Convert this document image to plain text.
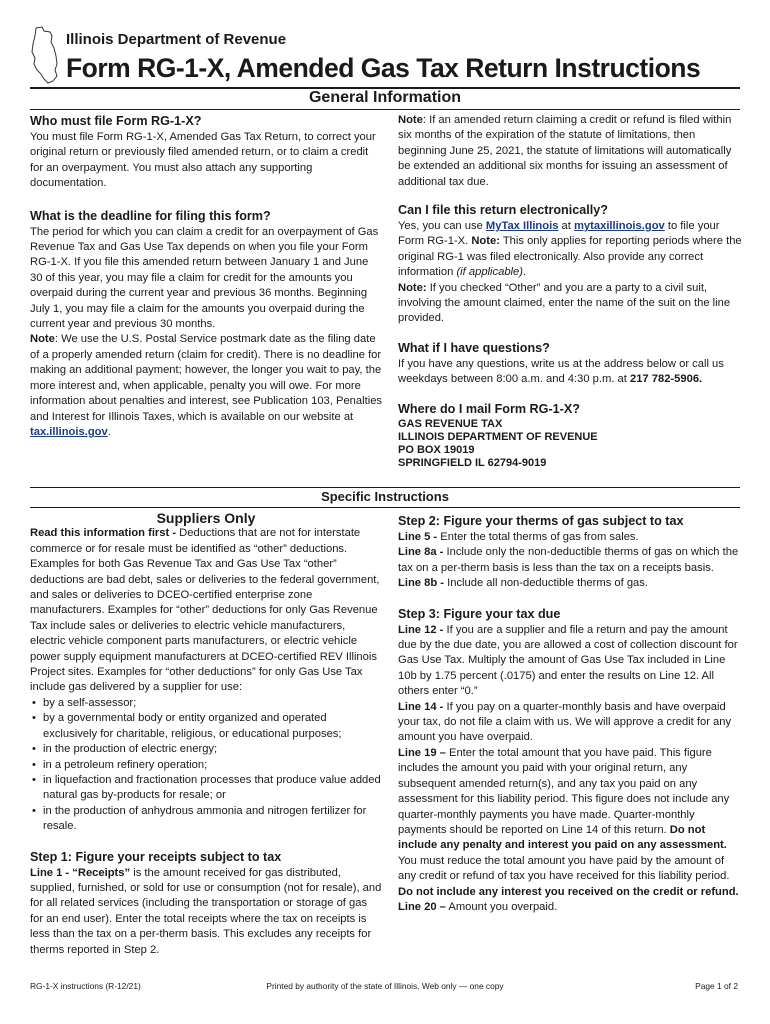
Illinois Department of Revenue
Form RG-1-X, Amended Gas Tax Return Instructions
General Information
Who must file Form RG-1-X?

You must file Form RG-1-X, Amended Gas Tax Return, to correct your original return or previously filed amended return, or to claim a credit for an overpayment. You must also attach any supporting documentation.

What is the deadline for filing this form?

The period for which you can claim a credit for an overpayment of Gas Revenue Tax and Gas Use Tax depends on when you file your Form RG-1-X. If you file this amended return between January 1 and June 30 of this year, you may file a claim for credit for the amounts you overpaid during the current year and previous 36 months. Beginning July 1, you may file a claim for the amounts you overpaid during the current year and previous 30 months.

Note: We use the U.S. Postal Service postmark date as the filing date of a properly amended return (claim for credit). There is no deadline for making an additional payment; however, the longer you wait to pay, the more interest and, when applicable, penalty you will owe. For more information about penalties and interest, see Publication 103, Penalties and Interest for Illinois Taxes, which is available on our website at tax.illinois.gov.

Note: If an amended return claiming a credit or refund is filed within six months of the expiration of the statute of limitations, then beginning June 25, 2021, the statute of limitations will automatically be extended an additional six months for issuing an assessment of additional tax due.

Can I file this return electronically?

Yes, you can use MyTax Illinois at mytaxillinois.gov to file your Form RG-1-X. Note: This only applies for reporting periods where the original RG-1 was filed electronically. Also provide any correct information (if applicable).
Note: If you checked “Other” and you are a party to a civil suit, involving the amount claimed, enter the name of the suit on the line provided.

What if I have questions?

If you have any questions, write us at the address below or call us weekdays between 8:00 a.m. and 4:30 p.m. at 217 782-5906.

Where do I mail Form RG-1-X?
GAS REVENUE TAX
ILLINOIS DEPARTMENT OF REVENUE
PO BOX 19019
SPRINGFIELD IL 62794-9019
Specific Instructions
Suppliers Only

Read this information first - Deductions that are not for interstate commerce or for resale must be identified as “other” deductions. Examples for both Gas Revenue Tax and Gas Use Tax “other” deductions are bad debt, sales or deliveries to the federal government, and sales or deliveries to DCEO-certified enterprise zone manufacturers. Examples for “other” deductions for only Gas Revenue Tax include sales or deliveries to electric vehicle manufacturers, electric vehicle component parts manufacturers, or electric vehicle power supply equipment manufacturers at DCEO-certified REV Illinois Project sites. Examples for “other deductions” for only Gas Use Tax include gas delivered by a supplier for use:

• by a self-assessor;
• by a governmental body or entity organized and operated exclusively for charitable, religious, or educational purposes;
• in the production of electric energy;
• in a petroleum refinery operation;
• in liquefaction and fractionation processes that produce value added natural gas by-products for resale; or
• in the production of anhydrous ammonia and nitrogen fertilizer for resale.
Step 1: Figure your receipts subject to tax

Line 1 - “Receipts” is the amount received for gas distributed, supplied, furnished, or sold for use or consumption (not for resale), and for all related services (including the transportation or storage of gas for an end user). Enter the total receipts where the tax on receipts is less than the tax on a per-therm basis. This excludes any receipts for therms reported in Step 2.

Step 2: Figure your therms of gas subject to tax

Line 5 - Enter the total therms of gas from sales.

Line 8a - Include only the non-deductible therms of gas on which the tax on a per-therm basis is less than the tax on a receipts basis.

Line 8b - Include all non-deductible therms of gas.

Step 3: Figure your tax due

Line 12 - If you are a supplier and file a return and pay the amount due by the due date, you are allowed a cost of collection discount for Gas Use Tax. Multiply the amount of Gas Use Tax included in Line 10b by 1.75 percent (.0175) and enter the results on Line 12. All others enter “0.”

Line 14 - If you pay on a quarter-monthly basis and have overpaid your tax, do not file a claim with us. We will approve a credit for any amount you have overpaid.

Line 19 – Enter the total amount that you have paid. This figure includes the amount you paid with your original return, any subsequent amended return(s), and any tax you paid on any assessment for this liability period. This figure does not include any quarter-monthly payments you have made. Quarter-monthly payments should be reported on Line 14 of this return. Do not include any penalty and interest you paid on any assessment. You must reduce the total amount you have paid by the amount of any credit or refund of tax you have received for this liability period. Do not include any interest you received on the credit or refund.

Line 20 – Amount you overpaid.

RG-1-X instructions (R-12/21)	Printed by authority of the state of Illinois. Web only — one copy	Page 1 of 2
